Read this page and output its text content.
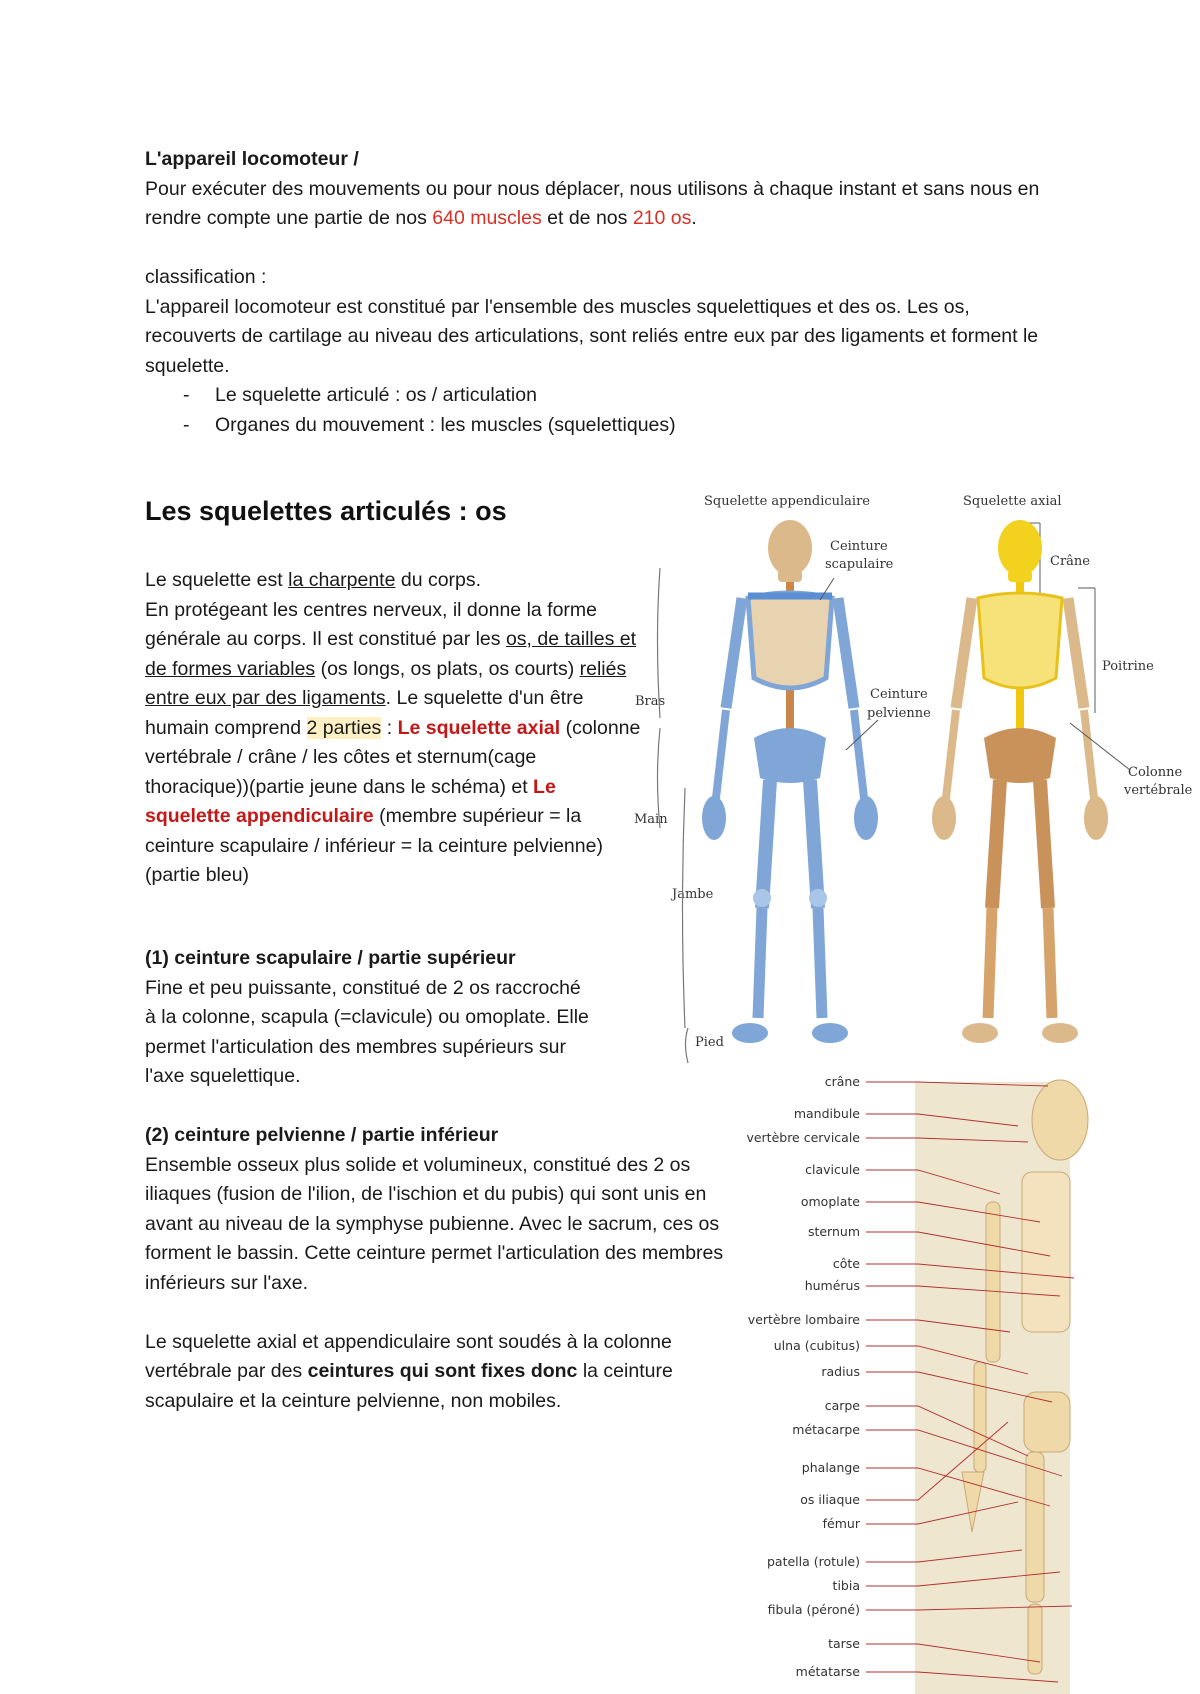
L'appareil locomoteur /
Pour exécuter des mouvements ou pour nous déplacer, nous utilisons à chaque instant et sans nous en rendre compte une partie de nos 640 muscles et de nos 210 os.
classification :
L'appareil locomoteur est constitué par l'ensemble des muscles squelettiques et des os. Les os, recouverts de cartilage au niveau des articulations, sont reliés entre eux par des ligaments et forment le squelette.
- Le squelette articulé : os / articulation
- Organes du mouvement : les muscles (squelettiques)
Les squelettes articulés : os
Le squelette est la charpente du corps.
En protégeant les centres nerveux, il donne la forme générale au corps. Il est constitué par les os, de tailles et de formes variables (os longs, os plats, os courts) reliés entre eux par des ligaments. Le squelette d'un être humain comprend 2 parties : Le squelette axial (colonne vertébrale / crâne / les côtes et sternum(cage thoracique))(partie jeune dans le schéma) et Le squelette appendiculaire (membre supérieur = la ceinture scapulaire / inférieur = la ceinture pelvienne)(partie bleu)
(1) ceinture scapulaire / partie supérieur
Fine et peu puissante, constitué de 2 os raccroché à la colonne, scapula (=clavicule) ou omoplate. Elle permet l'articulation des membres supérieurs sur l'axe squelettique.
(2) ceinture pelvienne / partie inférieur
Ensemble osseux plus solide et volumineux, constitué des 2 os iliaques (fusion de l'ilion, de l'ischion et du pubis) qui sont unis en avant au niveau de la symphyse pubienne. Avec le sacrum, ces os forment le bassin. Cette ceinture permet l'articulation des membres inférieurs sur l'axe.
Le squelette axial et appendiculaire sont soudés à la colonne vertébrale par des ceintures qui sont fixes donc la ceinture scapulaire et la ceinture pelvienne, non mobiles.
Squelette appendiculaire	Squelette axial
Ceinture
scapulaire
Ceinture
pelvienne
Crâne
Poitrine
Colonne
vertébrale
Bras
Main
Jambe
Pied
crâne
mandibule
vertèbre cervicale
clavicule
omoplate
sternum
côte
humérus
vertèbre lombaire
ulna (cubitus)
radius
carpe
métacarpe
phalange
os iliaque
fémur
patella (rotule)
tibia
fibula (péroné)
tarse
métatarse
